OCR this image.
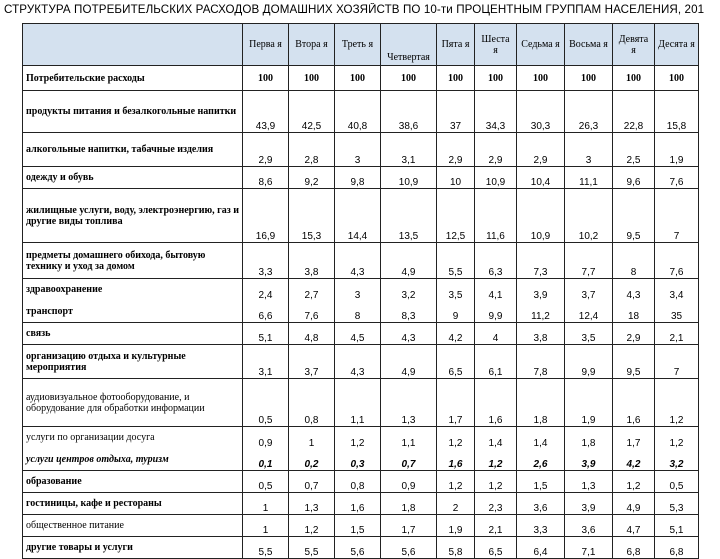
СТРУКТУРА ПОТРЕБИТЕЛЬСКИХ РАСХОДОВ ДОМАШНИХ ХОЗЯЙСТВ ПО 10-ти ПРОЦЕНТНЫМ ГРУППАМ НАСЕЛЕНИЯ, 201
	Перва я	Втора я	Треть я	Четвертая	Пята я	Шеста я	Седьма я	Восьма я	Девята я	Десята я
Потребительские расходы	100	100	100	100	100	100	100	100	100	100
продукты питания и безалкогольные напитки	43,9	42,5	40,8	38,6	37	34,3	30,3	26,3	22,8	15,8
алкогольные напитки, табачные изделия	2,9	2,8	3	3,1	2,9	2,9	2,9	3	2,5	1,9
одежду и обувь	8,6	9,2	9,8	10,9	10	10,9	10,4	11,1	9,6	7,6
жилищные услуги, воду, электроэнергию, газ и другие виды топлива	16,9	15,3	14,4	13,5	12,5	11,6	10,9	10,2	9,5	7
предметы домашнего обихода, бытовую технику и уход за домом	3,3	3,8	4,3	4,9	5,5	6,3	7,3	7,7	8	7,6
здравоохранение	2,4	2,7	3	3,2	3,5	4,1	3,9	3,7	4,3	3,4
транспорт	6,6	7,6	8	8,3	9	9,9	11,2	12,4	18	35
связь	5,1	4,8	4,5	4,3	4,2	4	3,8	3,5	2,9	2,1
организацию отдыха и культурные мероприятия	3,1	3,7	4,3	4,9	6,5	6,1	7,8	9,9	9,5	7
аудиовизуальное фотооборудование, и оборудование для обработки информации	0,5	0,8	1,1	1,3	1,7	1,6	1,8	1,9	1,6	1,2
услуги по организации досуга	0,9	1	1,2	1,1	1,2	1,4	1,4	1,8	1,7	1,2
услуги центров отдыха, туризм	0,1	0,2	0,3	0,7	1,6	1,2	2,6	3,9	4,2	3,2
образование	0,5	0,7	0,8	0,9	1,2	1,2	1,5	1,3	1,2	0,5
гостиницы, кафе и рестораны	1	1,3	1,6	1,8	2	2,3	3,6	3,9	4,9	5,3
общественное питание	1	1,2	1,5	1,7	1,9	2,1	3,3	3,6	4,7	5,1
другие товары и услуги	5,5	5,5	5,6	5,6	5,8	6,5	6,4	7,1	6,8	6,8
